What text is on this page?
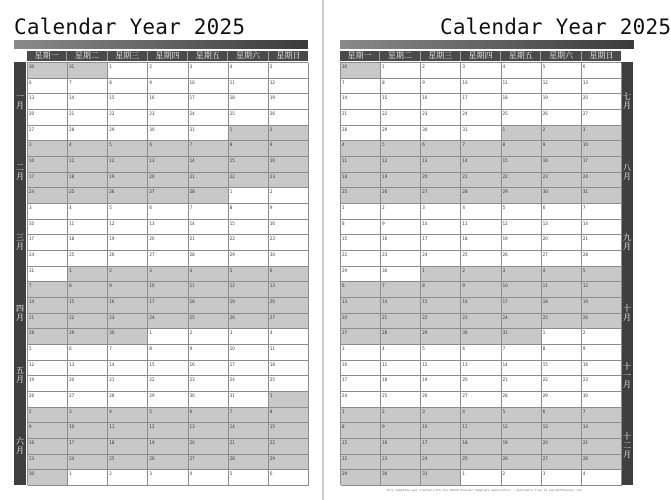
Calendar Year 2025
星期一	星期二	星期三	星期四	星期五	星期六	星期日
一
月
二
月
三
月
四
月
五
月
六
月
30	31	1	2	3	4	5
6	7	8	9	10	11	12
13	14	15	16	17	18	19
20	21	22	23	24	25	26
27	28	29	30	31	1	2
3	4	5	6	7	8	9
10	11	12	13	14	15	16
17	18	19	20	21	22	23
24	25	26	27	28	1	2
3	4	5	6	7	8	9
10	11	12	13	14	15	16
17	18	19	20	21	22	23
24	25	26	27	28	29	30
31	1	2	3	4	5	6
7	8	9	10	11	12	13
14	15	16	17	18	19	20
21	22	23	24	25	26	27
28	29	30	1	2	3	4
5	6	7	8	9	10	11
12	13	14	15	16	17	18
19	20	21	22	23	24	25
26	27	28	29	30	31	1
2	3	4	5	6	7	8
9	10	11	12	13	14	15
16	17	18	19	20	21	22
23	24	25	26	27	28	29
30	1	2	3	4	5	6
Calendar Year 2025
星期一	星期二	星期三	星期四	星期五	星期六	星期日
七
月
八
月
九
月
十
月
十
一
月
十
二
月
30	1	2	3	4	5	6
7	8	9	10	11	12	13
14	15	16	17	18	19	20
21	22	23	24	25	26	27
28	29	30	31	1	2	3
4	5	6	7	8	9	10
11	12	13	14	15	16	17
18	19	20	21	22	23	24
25	26	27	28	29	30	31
1	2	3	4	5	6	7
8	9	10	11	12	13	14
15	16	17	18	19	20	21
22	23	24	25	26	27	28
29	30	1	2	3	4	5
6	7	8	9	10	11	12
13	14	15	16	17	18	19
20	21	22	23	24	25	26
27	28	29	30	31	1	2
3	4	5	6	7	8	9
10	11	12	13	14	15	16
17	18	19	20	21	22	23
24	25	26	27	28	29	30
1	2	3	4	5	6	7
8	9	10	11	12	13	14
15	16	17	18	19	20	21
22	23	24	25	26	27	28
29	30	31	1	2	3	4
This template was created with the DAVID Planner Template application - Available free at www.DIYPlanner.com
